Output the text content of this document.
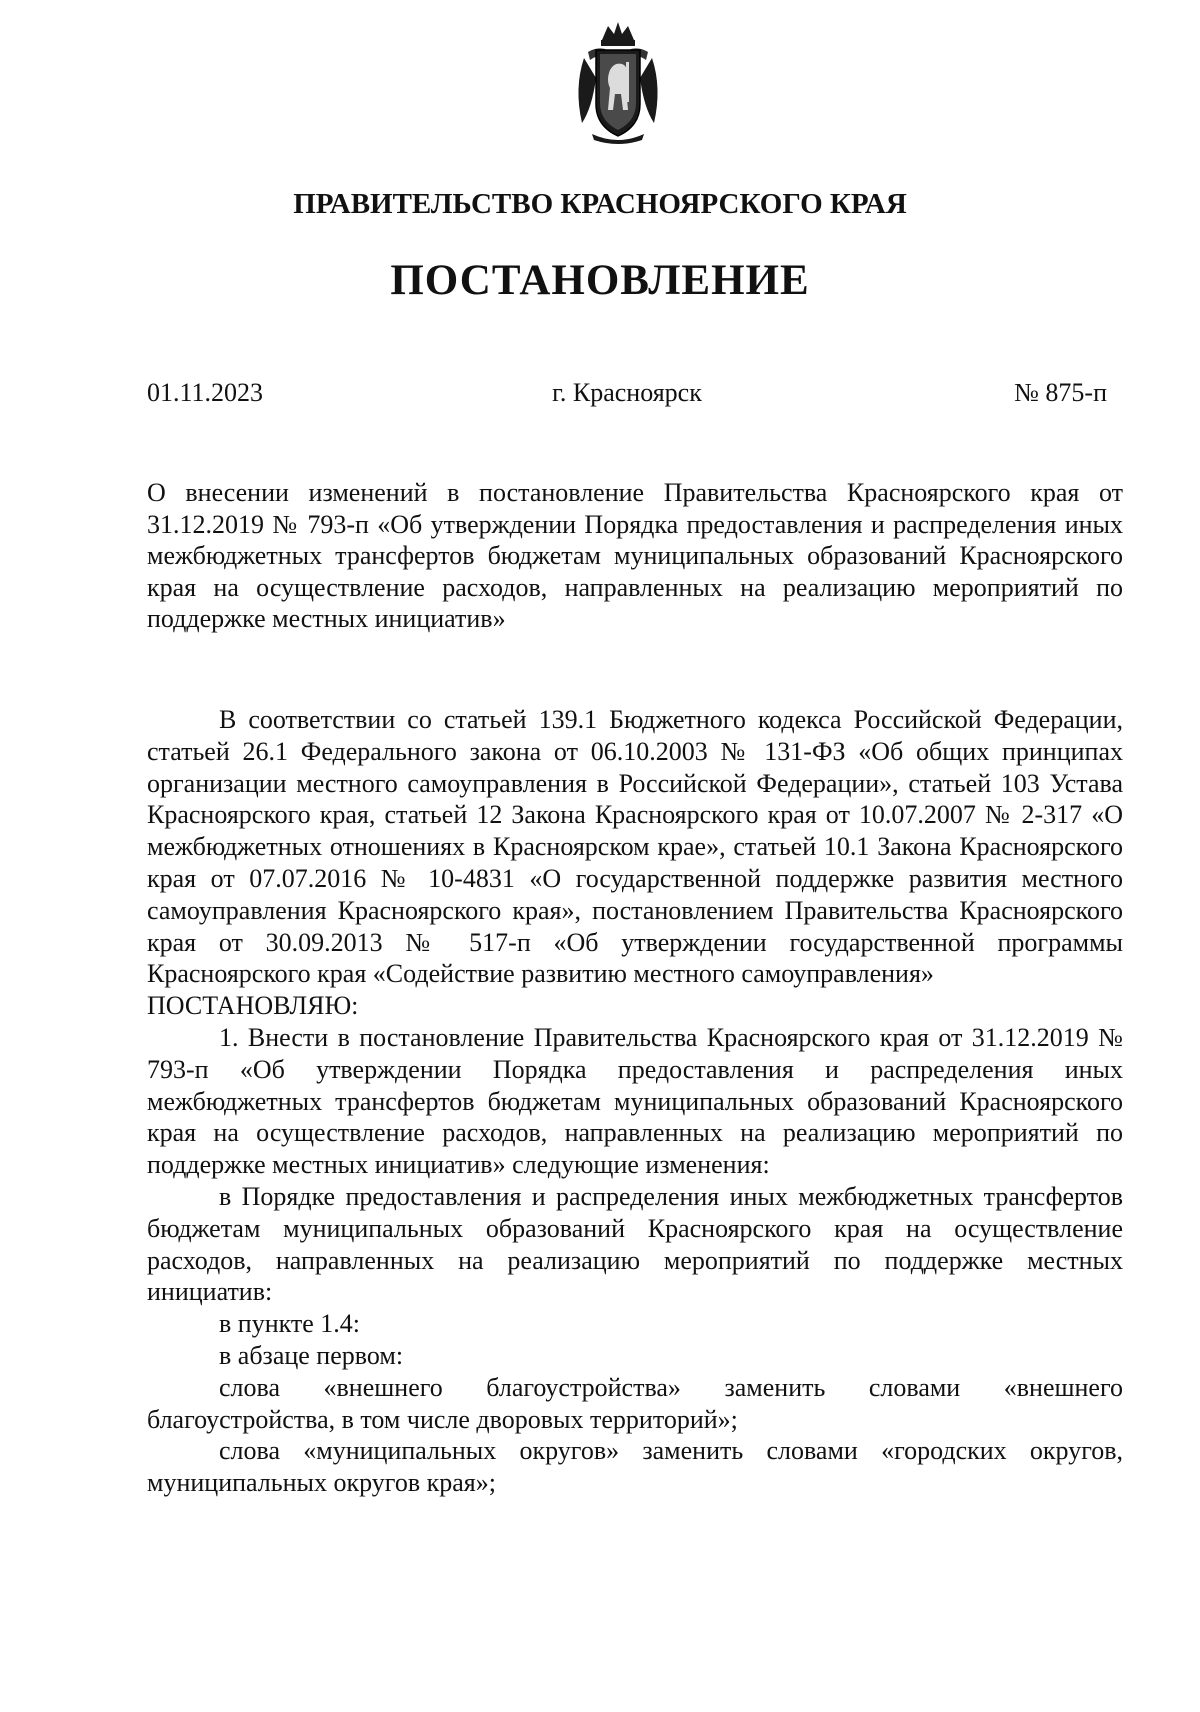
ПРАВИТЕЛЬСТВО КРАСНОЯРСКОГО КРАЯ
ПОСТАНОВЛЕНИЕ
01.11.2023	г. Красноярск	№ 875-п
О внесении изменений в постановление Правительства Красноярского края от 31.12.2019 № 793-п «Об утверждении Порядка предоставления и распределения иных межбюджетных трансфертов бюджетам муниципальных образований Красноярского края на осуществление расходов, направленных на реализацию мероприятий по поддержке местных инициатив»

В соответствии со статьей 139.1 Бюджетного кодекса Российской Федерации, статьей 26.1 Федерального закона от 06.10.2003 № 131-ФЗ «Об общих принципах организации местного самоуправления в Российской Федерации», статьей 103 Устава Красноярского края, статьей 12 Закона Красноярского края от 10.07.2007 № 2-317 «О межбюджетных отношениях в Красноярском крае», статьей 10.1 Закона Красноярского края от 07.07.2016 № 10-4831 «О государственной поддержке развития местного самоуправления Красноярского края», постановлением Правительства Красноярского края от 30.09.2013 № 517-п «Об утверждении государственной программы Красноярского края «Содействие развитию местного самоуправления»

ПОСТАНОВЛЯЮ:

1. Внести в постановление Правительства Красноярского края от 31.12.2019 № 793-п «Об утверждении Порядка предоставления и распределения иных межбюджетных трансфертов бюджетам муниципальных образований Красноярского края на осуществление расходов, направленных на реализацию мероприятий по поддержке местных инициатив» следующие изменения:

в Порядке предоставления и распределения иных межбюджетных трансфертов бюджетам муниципальных образований Красноярского края на осуществление расходов, направленных на реализацию мероприятий по поддержке местных инициатив:

в пункте 1.4:

в абзаце первом:

слова «внешнего благоустройства» заменить словами «внешнего благоустройства, в том числе дворовых территорий»;

слова «муниципальных округов» заменить словами «городских округов, муниципальных округов края»;
